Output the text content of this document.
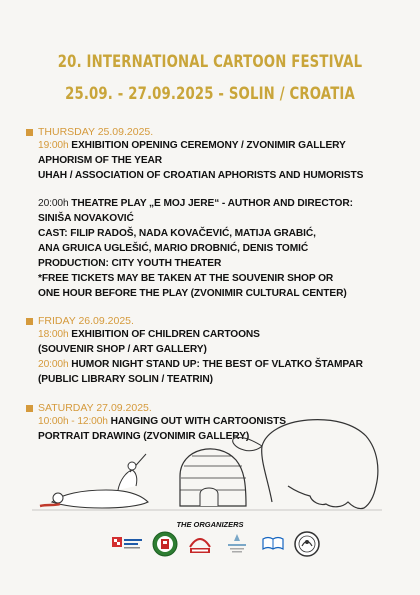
20. INTERNATIONAL CARTOON FESTIVAL
25.09. - 27.09.2025 - SOLIN / CROATIA
THURSDAY 25.09.2025.
19:00h EXHIBITION OPENING CEREMONY / ZVONIMIR GALLERY
APHORISM OF THE YEAR
UHAH / ASSOCIATION OF CROATIAN APHORISTS AND HUMORISTS
20:00h THEATRE PLAY „E MOJ JERE“ - AUTHOR AND DIRECTOR:
SINIŠA NOVAKOVIĆ
CAST: FILIP RADOŠ, NADA KOVAČEVIĆ, MATIJA GRABIĆ,
ANA GRUICA UGLEŠIĆ, MARIO DROBNIĆ, DENIS TOMIĆ
PRODUCTION: CITY YOUTH THEATER
*FREE TICKETS MAY BE TAKEN AT THE SOUVENIR SHOP OR
ONE HOUR BEFORE THE PLAY (ZVONIMIR CULTURAL CENTER)
FRIDAY 26.09.2025.
18:00h EXHIBITION OF CHILDREN CARTOONS
(SOUVENIR SHOP / ART GALLERY)
20:00h HUMOR NIGHT STAND UP: THE BEST OF VLATKO ŠTAMPAR
(PUBLIC LIBRARY SOLIN / TEATRIN)
SATURDAY 27.09.2025.
10:00h - 12:00h HANGING OUT WITH CARTOONISTS
PORTRAIT DRAWING (ZVONIMIR GALLERY)
THE ORGANIZERS
